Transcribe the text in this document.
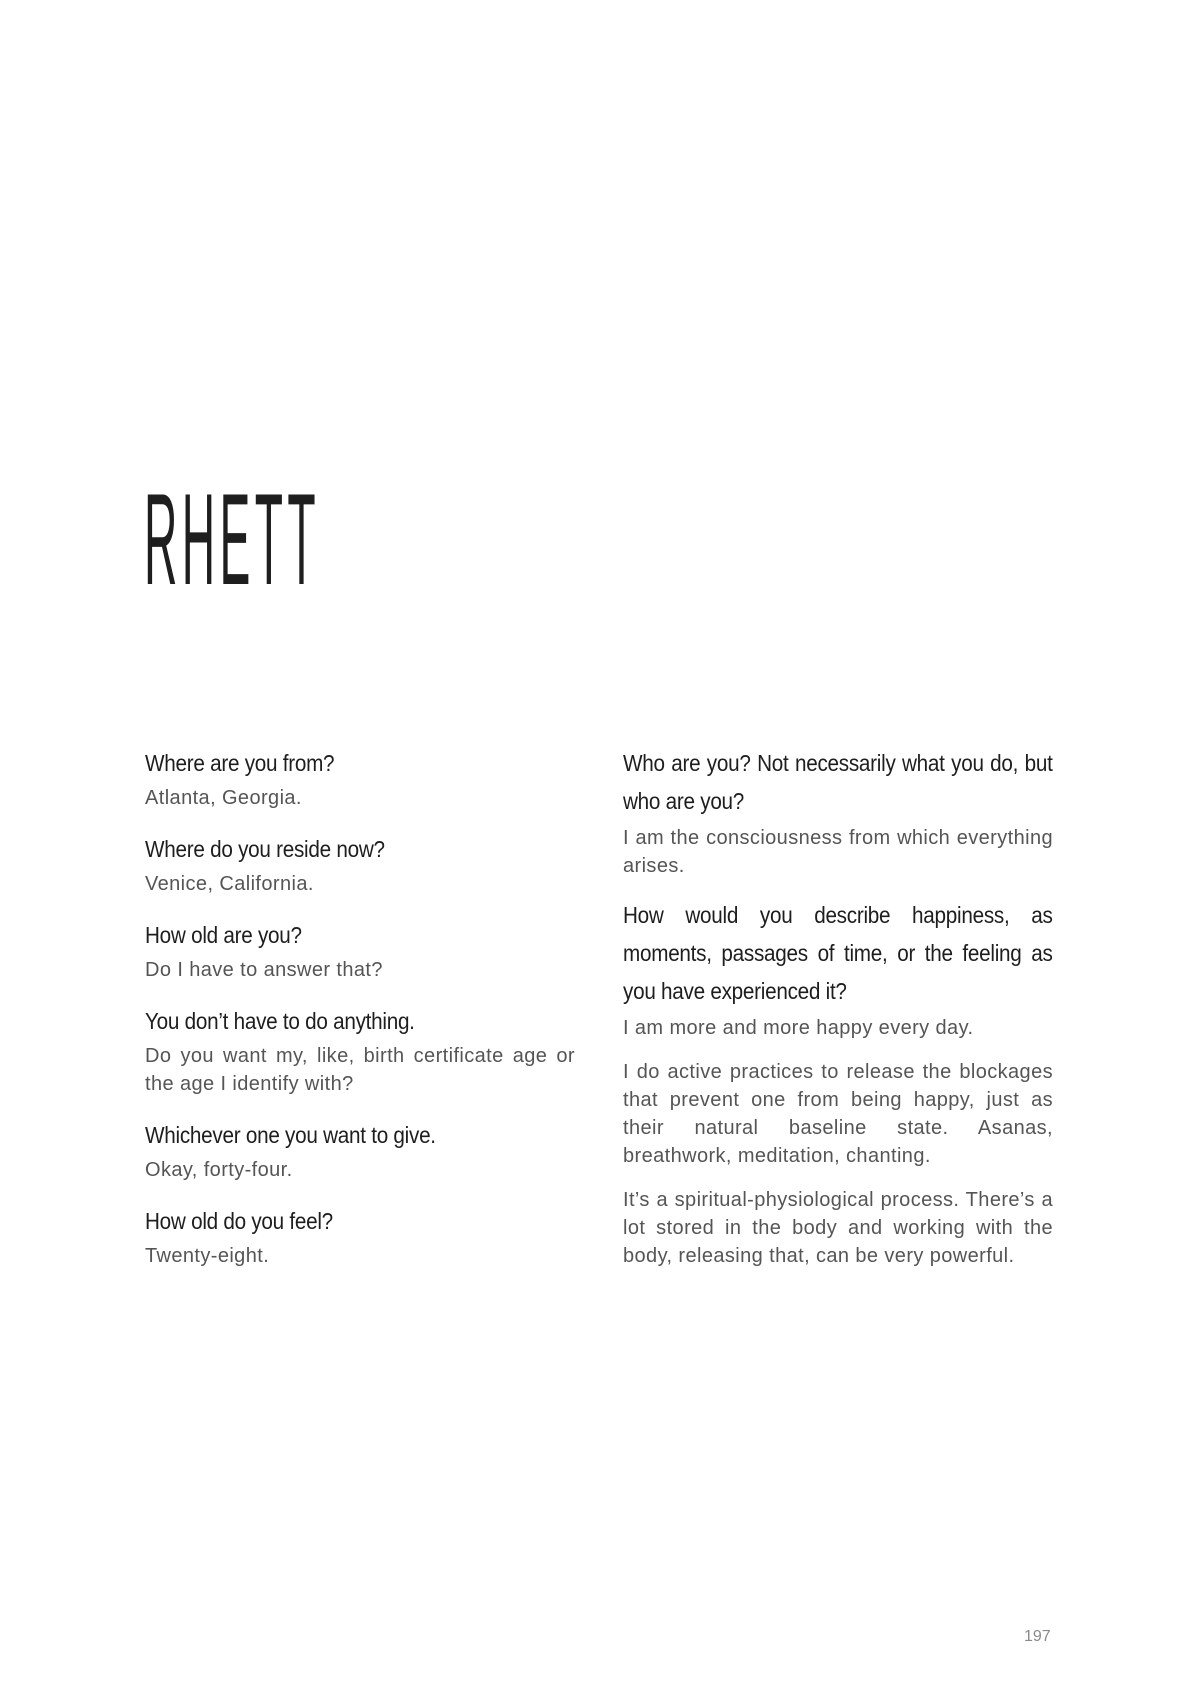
RHETT

Where are you from?

Atlanta, Georgia.

Where do you reside now?

Venice, California.

How old are you?

Do I have to answer that?

You don’t have to do anything.

Do you want my, like, birth certificate age or the age I identify with?

Whichever one you want to give.

Okay, forty-four.

How old do you feel?

Twenty-eight.

Who are you? Not necessarily what you do, but who are you?

I am the consciousness from which everything arises.

How would you describe happiness, as moments, passages of time, or the feeling as you have experienced it?

I am more and more happy every day.

I do active practices to release the blockages that prevent one from being happy, just as their natural baseline state. Asanas, breathwork, meditation, chanting.

It’s a spiritual-physiological process. There’s a lot stored in the body and working with the body, releasing that, can be very powerful.

197
